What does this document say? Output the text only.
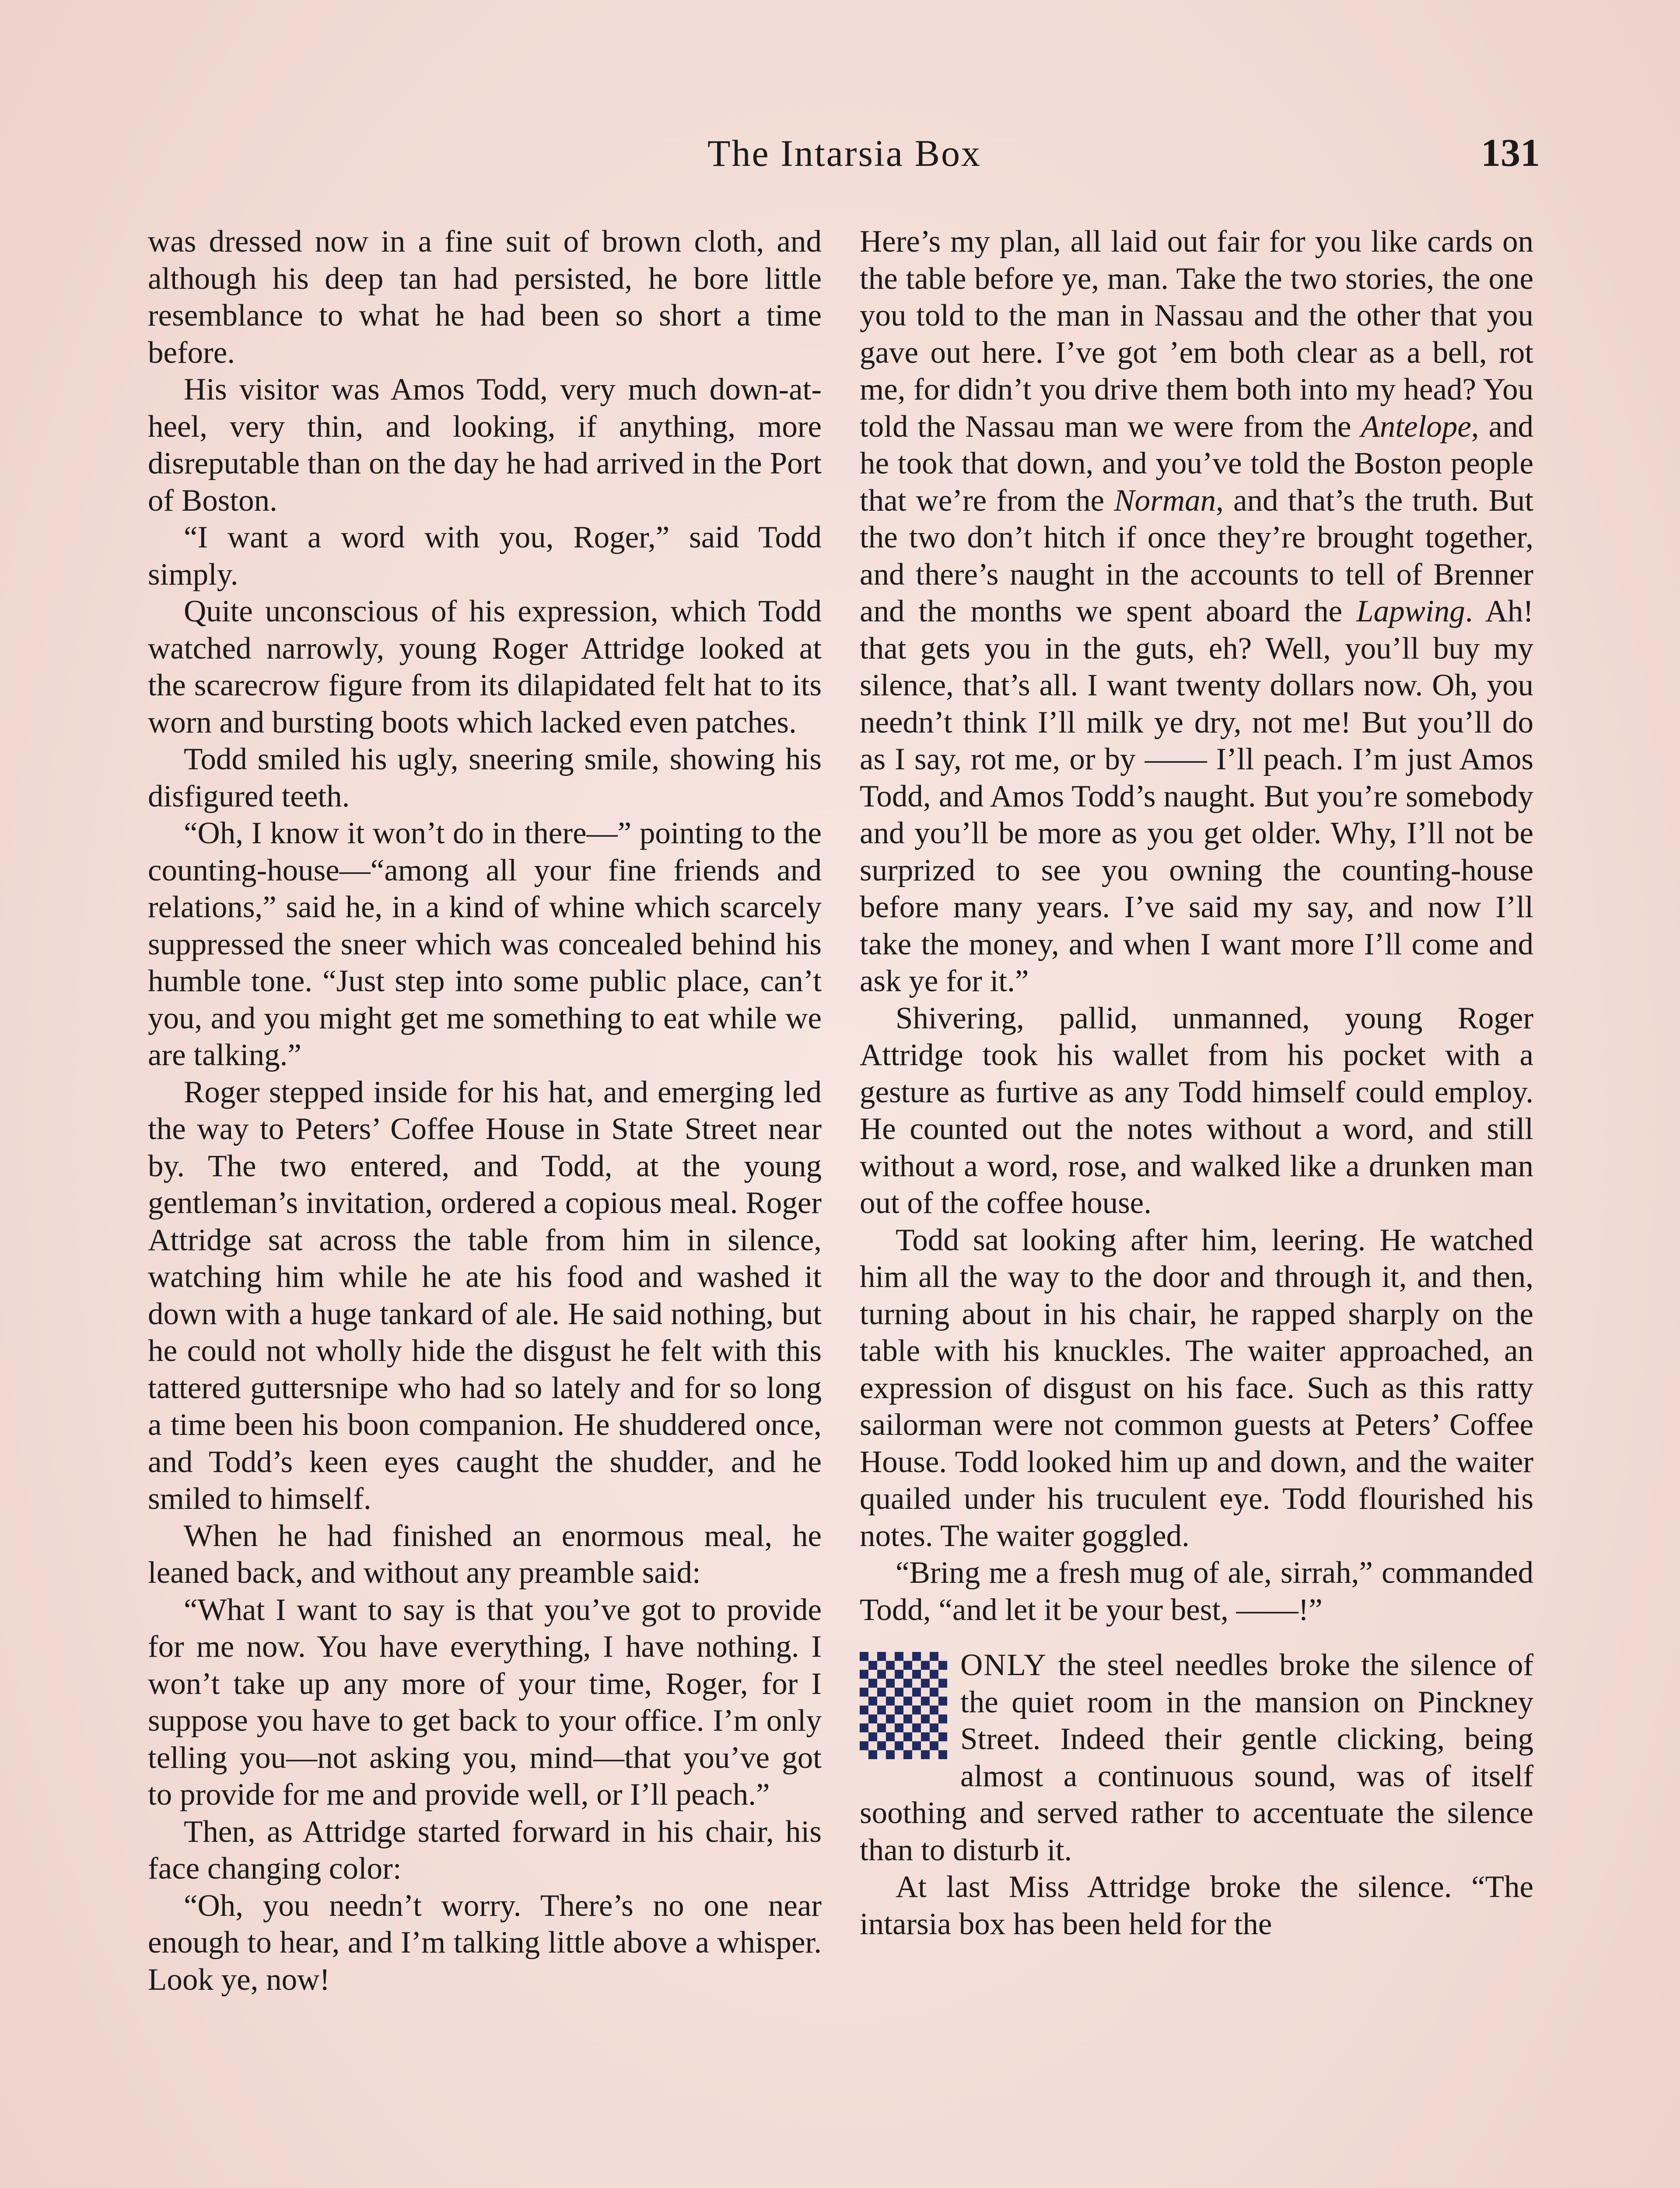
The Intarsia Box	131

was dressed now in a fine suit of brown cloth, and although his deep tan had persisted, he bore little resemblance to what he had been so short a time before.

His visitor was Amos Todd, very much down-at-heel, very thin, and looking, if anything, more disreputable than on the day he had arrived in the Port of Boston.

“I want a word with you, Roger,” said Todd simply.

Quite unconscious of his expression, which Todd watched narrowly, young Roger Attridge looked at the scarecrow figure from its dilapidated felt hat to its worn and bursting boots which lacked even patches.

Todd smiled his ugly, sneering smile, showing his disfigured teeth.

“Oh, I know it won’t do in there—” pointing to the counting-house—“among all your fine friends and relations,” said he, in a kind of whine which scarcely suppressed the sneer which was concealed behind his humble tone. “Just step into some public place, can’t you, and you might get me something to eat while we are talking.”

Roger stepped inside for his hat, and emerging led the way to Peters’ Coffee House in State Street near by. The two entered, and Todd, at the young gentleman’s invitation, ordered a copious meal. Roger Attridge sat across the table from him in silence, watching him while he ate his food and washed it down with a huge tankard of ale. He said nothing, but he could not wholly hide the disgust he felt with this tattered guttersnipe who had so lately and for so long a time been his boon companion. He shuddered once, and Todd’s keen eyes caught the shudder, and he smiled to himself.

When he had finished an enormous meal, he leaned back, and without any preamble said:

“What I want to say is that you’ve got to provide for me now. You have everything, I have nothing. I won’t take up any more of your time, Roger, for I suppose you have to get back to your office. I’m only telling you—not asking you, mind—that you’ve got to provide for me and provide well, or I’ll peach.”

Then, as Attridge started forward in his chair, his face changing color:

“Oh, you needn’t worry. There’s no one near enough to hear, and I’m talking little above a whisper. Look ye, now!

Here’s my plan, all laid out fair for you like cards on the table before ye, man. Take the two stories, the one you told to the man in Nassau and the other that you gave out here. I’ve got ’em both clear as a bell, rot me, for didn’t you drive them both into my head? You told the Nassau man we were from the Antelope, and he took that down, and you’ve told the Boston people that we’re from the Norman, and that’s the truth. But the two don’t hitch if once they’re brought together, and there’s naught in the accounts to tell of Brenner and the months we spent aboard the Lapwing. Ah! that gets you in the guts, eh? Well, you’ll buy my silence, that’s all. I want twenty dollars now. Oh, you needn’t think I’ll milk ye dry, not me! But you’ll do as I say, rot me, or by —— I’ll peach. I’m just Amos Todd, and Amos Todd’s naught. But you’re somebody and you’ll be more as you get older. Why, I’ll not be surprized to see you owning the counting-house before many years. I’ve said my say, and now I’ll take the money, and when I want more I’ll come and ask ye for it.”

Shivering, pallid, unmanned, young Roger Attridge took his wallet from his pocket with a gesture as furtive as any Todd himself could employ. He counted out the notes without a word, and still without a word, rose, and walked like a drunken man out of the coffee house.

Todd sat looking after him, leering. He watched him all the way to the door and through it, and then, turning about in his chair, he rapped sharply on the table with his knuckles. The waiter approached, an expression of disgust on his face. Such as this ratty sailorman were not common guests at Peters’ Coffee House. Todd looked him up and down, and the waiter quailed under his truculent eye. Todd flourished his notes. The waiter goggled.

“Bring me a fresh mug of ale, sirrah,” commanded Todd, “and let it be your best, ——!”

ONLY the steel needles broke the silence of the quiet room in the mansion on Pinckney Street. Indeed their gentle clicking, being almost a continuous sound, was of itself soothing and served rather to accentuate the silence than to disturb it.

At last Miss Attridge broke the silence. “The intarsia box has been held for the
